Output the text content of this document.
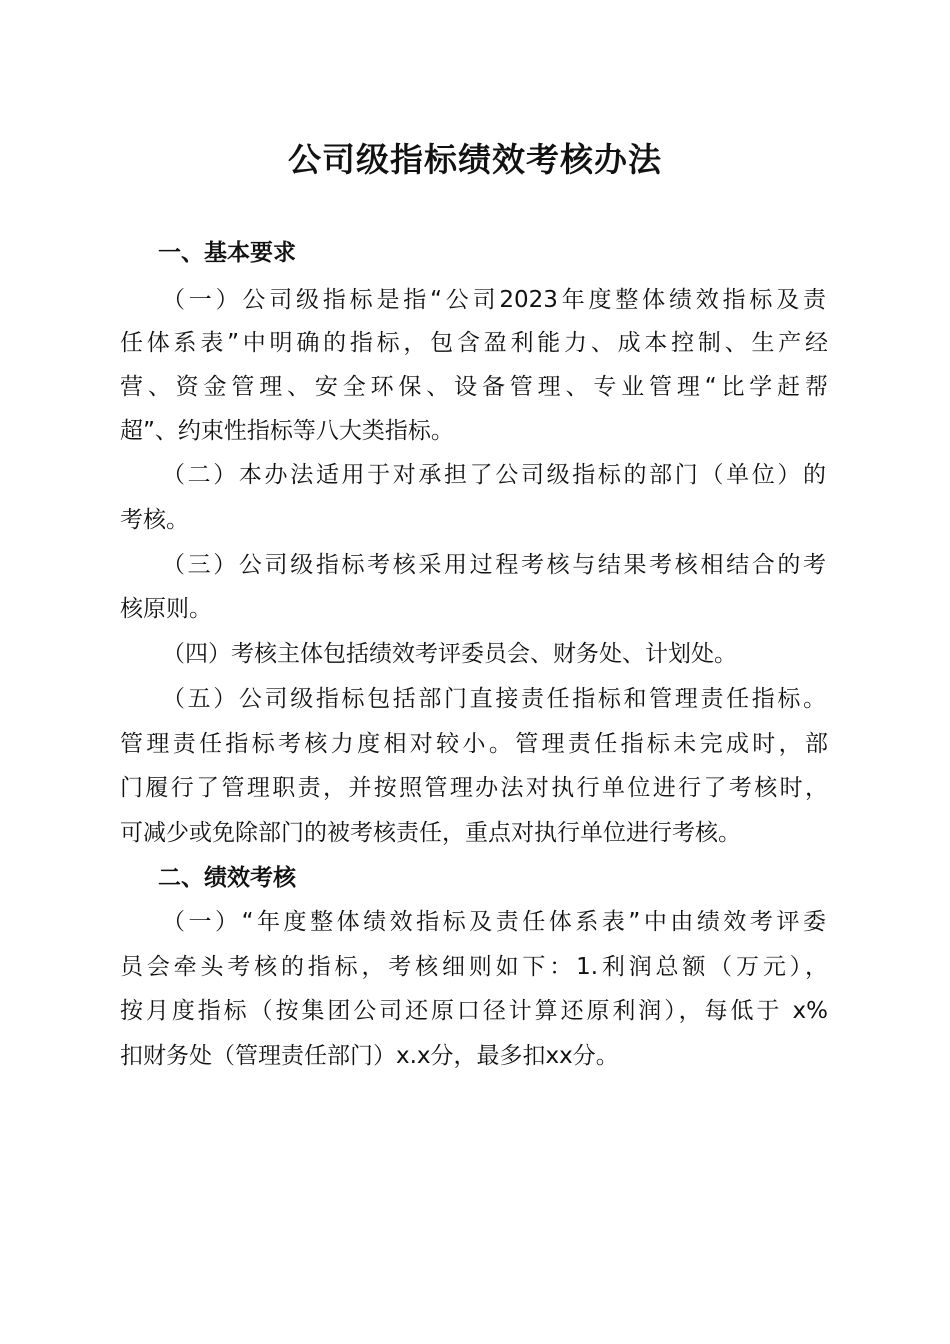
公司级指标绩效考核办法
一、基本要求
（一）公司级指标是指“公司2023年度整体绩效指标及责
任体系表”中明确的指标，包含盈利能力、成本控制、生产经
营、资金管理、安全环保、设备管理、专业管理“比学赶帮
超”、约束性指标等八大类指标。
（二）本办法适用于对承担了公司级指标的部门（单位）的
考核。
（三）公司级指标考核采用过程考核与结果考核相结合的考
核原则。
（四）考核主体包括绩效考评委员会、财务处、计划处。
（五）公司级指标包括部门直接责任指标和管理责任指标。
管理责任指标考核力度相对较小。管理责任指标未完成时，部
门履行了管理职责，并按照管理办法对执行单位进行了考核时，
可减少或免除部门的被考核责任，重点对执行单位进行考核。
二、绩效考核
（一）“年度整体绩效指标及责任体系表”中由绩效考评委
员会牵头考核的指标，考核细则如下：1.利润总额（万元），
按月度指标（按集团公司还原口径计算还原利润），每低于 x%
扣财务处（管理责任部门）x.x分，最多扣xx分。
